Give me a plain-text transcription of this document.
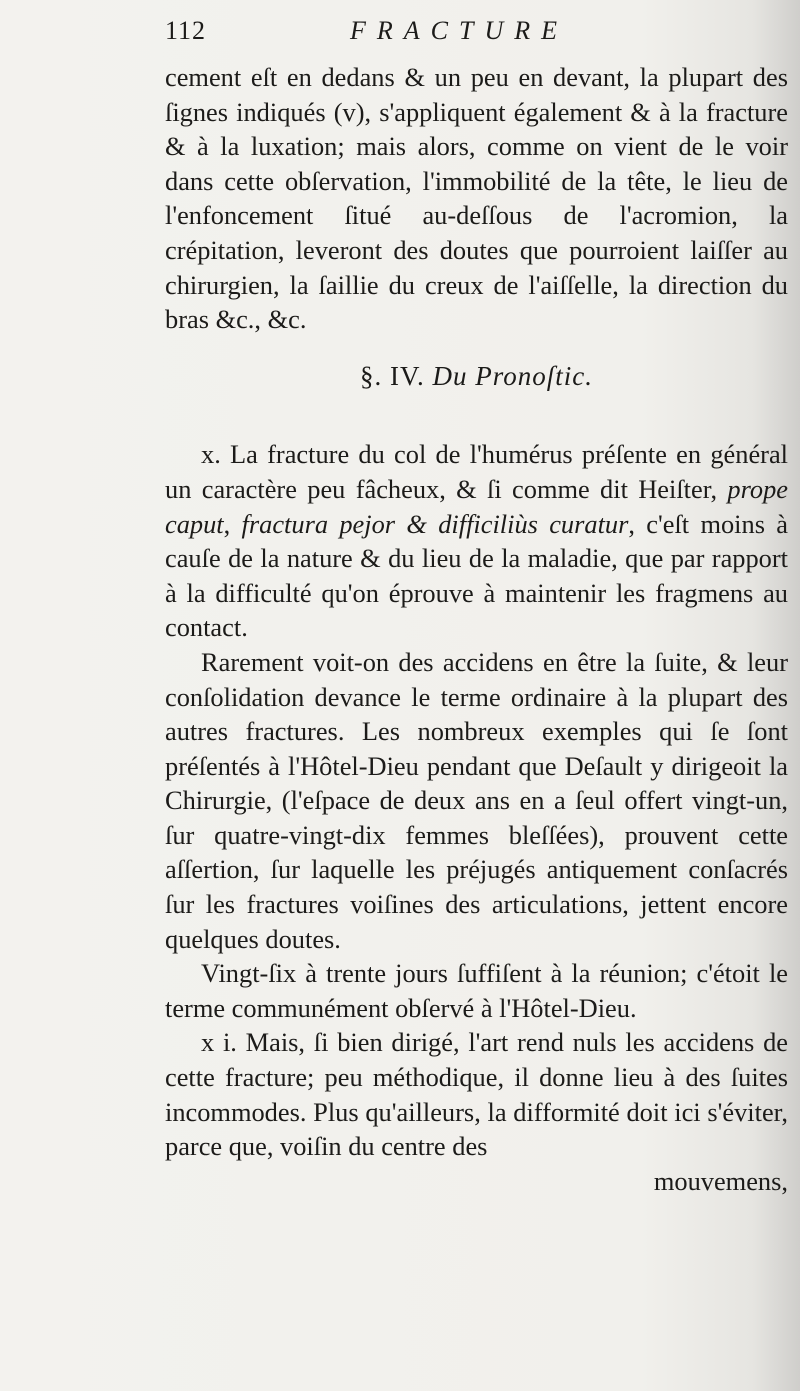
112	FRACTURE

cement eſt en dedans & un peu en devant, la plupart des ſignes indiqués (v), s'appliquent également & à la fracture & à la luxation; mais alors, comme on vient de le voir dans cette obſervation, l'immobilité de la tête, le lieu de l'enfoncement ſitué au-deſſous de l'acromion, la crépitation, leveront des doutes que pourroient laiſſer au chirurgien, la ſaillie du creux de l'aiſſelle, la direction du bras &c., &c.

§. IV. Du Pronoſtic.

x. La fracture du col de l'humérus préſente en général un caractère peu fâcheux, & ſi comme dit Heiſter, prope caput, fractura pejor & difficiliùs curatur, c'eſt moins à cauſe de la nature & du lieu de la maladie, que par rapport à la difficulté qu'on éprouve à maintenir les fragmens au contact.

Rarement voit-on des accidens en être la ſuite, & leur conſolidation devance le terme ordinaire à la plupart des autres fractures. Les nombreux exemples qui ſe ſont préſentés à l'Hôtel-Dieu pendant que Deſault y dirigeoit la Chirurgie, (l'eſpace de deux ans en a ſeul offert vingt-un, ſur quatre-vingt-dix femmes bleſſées), prouvent cette aſſertion, ſur laquelle les préjugés antiquement conſacrés ſur les fractures voiſines des articulations, jettent encore quelques doutes.

Vingt-ſix à trente jours ſuffiſent à la réunion; c'étoit le terme communément obſervé à l'Hôtel-Dieu.

x i. Mais, ſi bien dirigé, l'art rend nuls les accidens de cette fracture; peu méthodique, il donne lieu à des ſuites incommodes. Plus qu'ailleurs, la difformité doit ici s'éviter, parce que, voiſin du centre des

mouvemens,
